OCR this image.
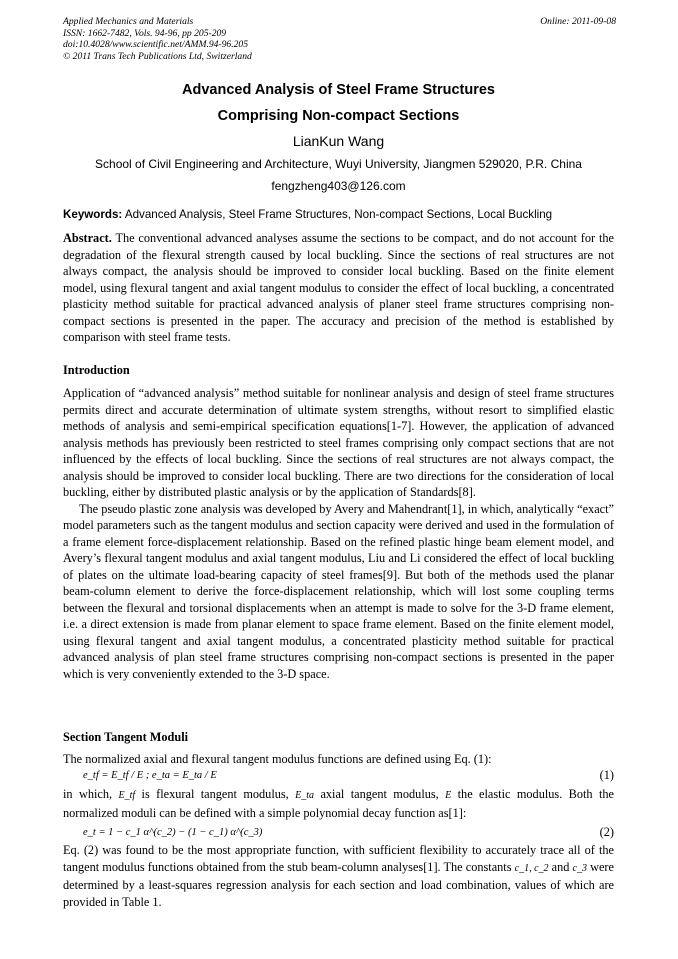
Applied Mechanics and Materials
ISSN: 1662-7482, Vols. 94-96, pp 205-209
doi:10.4028/www.scientific.net/AMM.94-96.205
© 2011 Trans Tech Publications Ltd, Switzerland
Online: 2011-09-08
Advanced Analysis of Steel Frame Structures
Comprising Non-compact Sections
LianKun Wang
School of Civil Engineering and Architecture, Wuyi University, Jiangmen 529020, P.R. China
fengzheng403@126.com
Keywords: Advanced Analysis, Steel Frame Structures, Non-compact Sections, Local Buckling

Abstract. The conventional advanced analyses assume the sections to be compact, and do not account for the degradation of the flexural strength caused by local buckling. Since the sections of real structures are not always compact, the analysis should be improved to consider local buckling. Based on the finite element model, using flexural tangent and axial tangent modulus to consider the effect of local buckling, a concentrated plasticity method suitable for practical advanced analysis of planer steel frame structures comprising non-compact sections is presented in the paper. The accuracy and precision of the method is established by comparison with steel frame tests.

Introduction

Application of “advanced analysis” method suitable for nonlinear analysis and design of steel frame structures permits direct and accurate determination of ultimate system strengths, without resort to simplified elastic methods of analysis and semi-empirical specification equations[1-7]. However, the application of advanced analysis methods has previously been restricted to steel frames comprising only compact sections that are not influenced by the effects of local buckling. Since the sections of real structures are not always compact, the analysis should be improved to consider local buckling. There are two directions for the consideration of local buckling, either by distributed plastic analysis or by the application of Standards[8].

The pseudo plastic zone analysis was developed by Avery and Mahendrant[1], in which, analytically “exact” model parameters such as the tangent modulus and section capacity were derived and used in the formulation of a frame element force-displacement relationship. Based on the refined plastic hinge beam element model, and Avery’s flexural tangent modulus and axial tangent modulus, Liu and Li considered the effect of local buckling of plates on the ultimate load-bearing capacity of steel frames[9]. But both of the methods used the planar beam-column element to derive the force-displacement relationship, which will lost some coupling terms between the flexural and torsional displacements when an attempt is made to solve for the 3-D frame element, i.e. a direct extension is made from planar element to space frame element. Based on the finite element model, using flexural tangent and axial tangent modulus, a concentrated plasticity method suitable for practical advanced analysis of plan steel frame structures comprising non-compact sections is presented in the paper which is very conveniently extended to the 3-D space.

Section Tangent Moduli
The normalized axial and flexural tangent modulus functions are defined using Eq. (1):
e_tf = E_tf / E ; e_ta = E_ta / E	(1)

in which, E_tf is flexural tangent modulus, E_ta axial tangent modulus, E the elastic modulus. Both the normalized moduli can be defined with a simple polynomial decay function as[1]:

e_t = 1 − c_1 α^(c_2) − (1 − c_1) α^(c_3)	(2)

Eq. (2) was found to be the most appropriate function, with sufficient flexibility to accurately trace all of the tangent modulus functions obtained from the stub beam-column analyses[1]. The constants c_1, c_2 and c_3 were determined by a least-squares regression analysis for each section and load combination, values of which are provided in Table 1.
